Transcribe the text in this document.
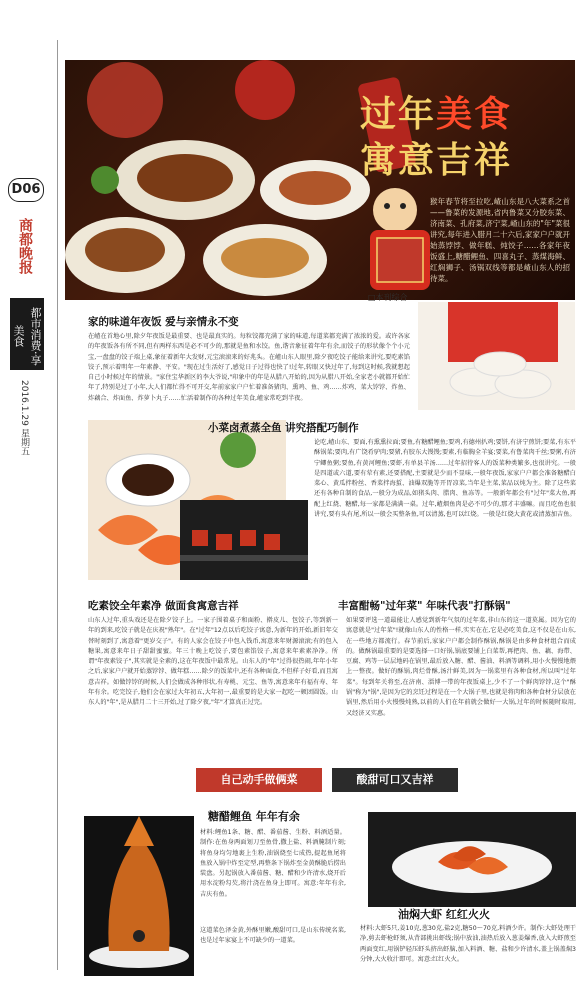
D06
商都晚报
都市消费·享美食
2016.1.29 星期五
过年美食
寓意吉祥
猴年春节将至拉吃,嵖山东是八大菜系之首——鲁菜的发源地,省内鲁菜又分胶东菜、济南菜、孔府菜,济宁菜,嵖山东的"年"菜很讲究,每年进入腊月二十六后,家家户户就开始蒸饽饽、做年糕、炖饺子……各家年夜饭盛上,糖醋鲤鱼、四喜丸子、蒸煤海鲜、红焖狮子、汤锅双线等都是嵖山东人的招待菜。
□本刊综合
家的味道年夜饭 爱与亲情永不变
在嵖在首地心里,除夕年夜饭是最重要、也是最真实的。每粒饺都充满了家的味道,每道菜都充满了浓浓的爱。或许各家的年夜饭各有所不同,但有两样东西是必不可少的,那就是鱼和水饺。鱼,谐音象征着年年有余,而饺子的形状像个个小元宝,一盘盘的饺子端上桌,象征着新年大发财,元宝滚滚来的好兆头。在嵖山东人眼里,除夕夜吃饺子能给来讲究,要吃素馅饺子,预示着明年一年素静、平安。"现在过生活好了,感觉日子过得也快了!过年,转眼又快过年了,每到这时候,我就想起自己小时候过年的情景。"家住宝华新区的李大爷说,"印象中的年是从腊八开始的,因为从腊八开始,全家老小就都开始忙年了,特别是过了小年,大人们都忙得不可开交,年前家家户户忙着准备猪肉、熏鸡、鱼、鸡……炸鸡、菜大饽饽、炸鱼、炸藕合、炸面鱼、炸萝卜丸子……忙活着制作的各种过年美食,嵖家常吃到半夜。
小菜卤煮蒸全鱼 讲究搭配巧制作
论吃,嵖山东、要面,有熏熏拉面;要鱼,有糖醋鲤鱼;要鸡,有德州扒鸡;要饼,有济宁煎饼;要菜,有东平酥锅菜;要肉,有广饶肴驴肉;要猪,有胶东大馒馒;要素,有临胸全羊宴;要菜,有鲁菜肉千丝;要粥,有济宁鲫鱼粥;要鱼,有黄河鲤鱼;要虾,有单县羊汤……过年招待客人的饭菜种类繁多,也很讲究。一般是四道或六道,要有荤有素,还要搭配,主要就是少而不显味,一般年夜饭,家家户户都会准备糖醋白菜心、黄瓜拌粉丝、香菜拌海蜇、油爆双脆等开胃凉菜,当年是主菜,菜品以炖为主。除了这些菜还有各种自制的食品,一般分为成品,如猪头肉、腊肉、鱼冻等。一般新年都会有"过年"菜大鱼,再配上红烧、糖醋,每一家都是满满一桌。过年,嵖烟鱼肉是必不可少的,那才丰盛嘛。而且吃鱼也很讲究,要有头有尾,所以一般会买整条鱼,可以清蒸,也可以红烧。一般是红烧大黄花或清蒸加吉鱼。
吃素饺全年素净 做面食寓意吉祥
山东人过年,重头戏还是在除夕饺子上。一家子围着桌子和面粉、擀皮儿、包饺子,等到新一年的到来,吃饺子就是在庆祝"熟年"。在"过年"12点以后吃饺子寓意,为新年的开始,新旧年交替时刻到了,寓意着"更岁交子"。有的人家会在饺子中包入钱币,寓意来年财源滚滚;有的包入糖果,寓意来年日子甜甜蜜蜜。年三十晚上吃饺子,要包素馅饺子,寓意来年素素净净。所谓"年夜素饺子",其实就是全素的,这在年夜饭中最常见。山东人的"年"过得很热闹,年年小年之后,家家户户就开始蒸饽饽、做年糕……除夕的饭菜中,还有各种面食,不但样子好看,而且寓意吉祥。如做饽饽的时候,人们会做成各种形状,有寿桃、元宝、鱼等,寓意来年有福有寿、年年有余。吃完饺子,他们会在家过大年初五,大年初一,最重要的是大家一起吃一顿团圆饭。山东人的"年",是从腊月二十三开始,过了除夕夜,"年"才算真正过完。
丰富酣畅"过年菜" 年味代表"打酥锅"
如果要评选一道最能让人感觉到新年气氛的过年菜,非山东的这一道莫属。因为它的寓意就是"过年菜"!就像山东人的性格一样,实实在在,它是必吃美食,这不仅是在山东,在一些地方都流行。春节前后,家家户户都会制作酥锅,酥锅是由多种食材组合而成的。做酥锅最重要的是要选择一口好锅,锅底要铺上白菜帮,再把肉、鱼、藕、海带、豆腐、鸡等一层层地码在锅里,最后放入糖、醋、酱油、料酒等调料,用小火慢慢地煨上一整夜。做好的酥锅,肉烂骨酥,汤汁鲜美,因为一锅菜里有各种食材,所以叫"过年菜"。每到年关将至,在济南、淄博一带的年夜饭桌上,少不了一个鲜肉饽饽,这个"酥锅"称为"锅",是因为它的烹饪过程是在一个大锅子里,也就是将肉和各种食材分层放在锅里,然后用小火慢慢炖熟,以前的人们在年前就会做好一大锅,过年的时候随时取用,又经济又实惠。
自己动手做俩菜	酸甜可口又吉祥
糖醋鲤鱼 年年有余
材料:鲤鱼1条、糖、醋、番茄酱、生粉、料酒适量。制作:在鱼身两面划刀至鱼骨,撒上盐、料酒腌制片刻;将鱼身均匀地裹上生粉,油锅烧至七成热,提起鱼尾将鱼放入锅中炸至定型,再整条下锅炸至金黄酥脆后捞出装盘。另起锅放入番茄酱、糖、醋和少许清水,烧开后用水淀粉勾芡,将汁浇在鱼身上即可。寓意:年年有余,吉庆有鱼。
这道菜色泽金黄,外酥里嫩,酸甜可口,是山东传统名菜,也是过年家宴上不可缺少的一道菜。
油焖大虾 红红火火
材料:大虾5只,姜10克,葱30克,盐2克,糖50～70克,料酒少许。制作:大虾处理干净,剪去虾枪虾须,从背部挑出虾线;锅中放油,油热后放入葱姜爆香,放入大虾煎至两面变红,用锅铲轻压虾头挤出虾脑,加入料酒、糖、盐和少许清水,盖上锅盖焖3分钟,大火收汁即可。寓意:红红火火。
